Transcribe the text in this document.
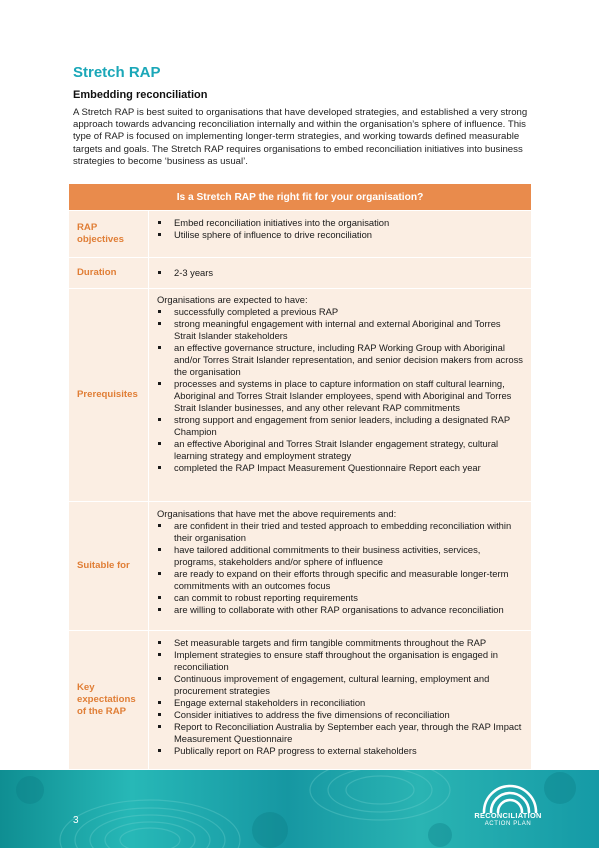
Stretch RAP
Embedding reconciliation
A Stretch RAP is best suited to organisations that have developed strategies, and established a very strong approach towards advancing reconciliation internally and within the organisation’s sphere of influence. This type of RAP is focused on implementing longer-term strategies, and working towards defined measurable targets and goals. The Stretch RAP requires organisations to embed reconciliation initiatives into business strategies to become ‘business as usual’.
Is a Stretch RAP the right fit for your organisation?
RAP objectives
Embed reconciliation initiatives into the organisation
Utilise sphere of influence to drive reconciliation
Duration	2-3 years
Prerequisites

Organisations are expected to have:

successfully completed a previous RAP
strong meaningful engagement with internal and external Aboriginal and Torres Strait Islander stakeholders
an effective governance structure, including RAP Working Group with Aboriginal and/or Torres Strait Islander representation, and senior decision makers from across the organisation
processes and systems in place to capture information on staff cultural learning, Aboriginal and Torres Strait Islander employees, spend with Aboriginal and Torres Strait Islander businesses, and any other relevant RAP commitments
strong support and engagement from senior leaders, including a designated RAP Champion
an effective Aboriginal and Torres Strait Islander engagement strategy, cultural learning strategy and employment strategy
completed the RAP Impact Measurement Questionnaire Report each year
Suitable for

Organisations that have met the above requirements and:

are confident in their tried and tested approach to embedding reconciliation within their organisation
have tailored additional commitments to their business activities, services, programs, stakeholders and/or sphere of influence
are ready to expand on their efforts through specific and measurable longer-term commitments with an outcomes focus
can commit to robust reporting requirements
are willing to collaborate with other RAP organisations to advance reconciliation
Key expectations of the RAP
Set measurable targets and firm tangible commitments throughout the RAP
Implement strategies to ensure staff throughout the organisation is engaged in reconciliation
Continuous improvement of engagement, cultural learning, employment and procurement strategies
Engage external stakeholders in reconciliation
Consider initiatives to address the five dimensions of reconciliation
Report to Reconciliation Australia by September each year, through the RAP Impact Measurement Questionnaire
Publically report on RAP progress to external stakeholders
3	RECONCILIATION
ACTION PLAN
